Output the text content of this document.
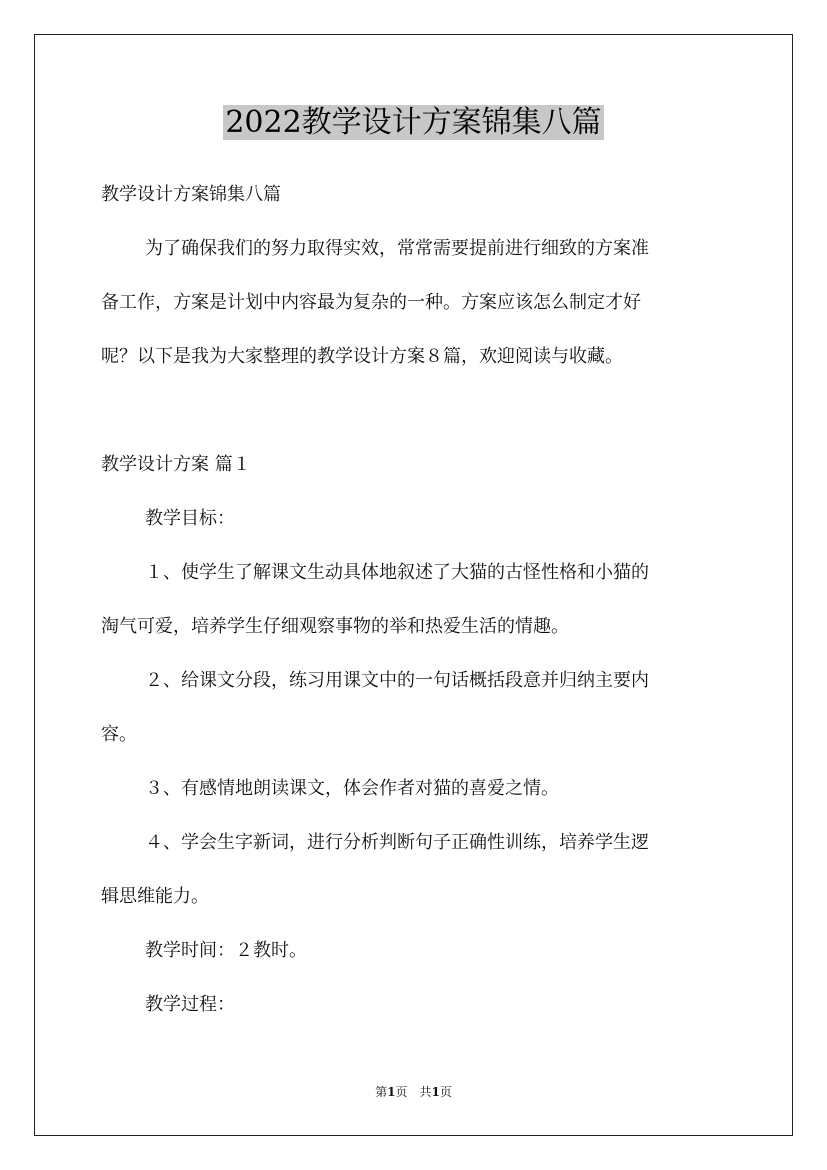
2022教学设计方案锦集八篇
教学设计方案锦集八篇
为了确保我们的努力取得实效，常常需要提前进行细致的方案准
备工作，方案是计划中内容最为复杂的一种。方案应该怎么制定才好
呢？以下是我为大家整理的教学设计方案８篇，欢迎阅读与收藏。
教学设计方案 篇１
教学目标：
１、使学生了解课文生动具体地叙述了大猫的古怪性格和小猫的
淘气可爱，培养学生仔细观察事物的举和热爱生活的情趣。
２、给课文分段，练习用课文中的一句话概括段意并归纳主要内
容。
３、有感情地朗读课文，体会作者对猫的喜爱之情。
４、学会生字新词，进行分析判断句子正确性训练，培养学生逻
辑思维能力。
教学时间：２教时。
教学过程：
第1页　共1页
